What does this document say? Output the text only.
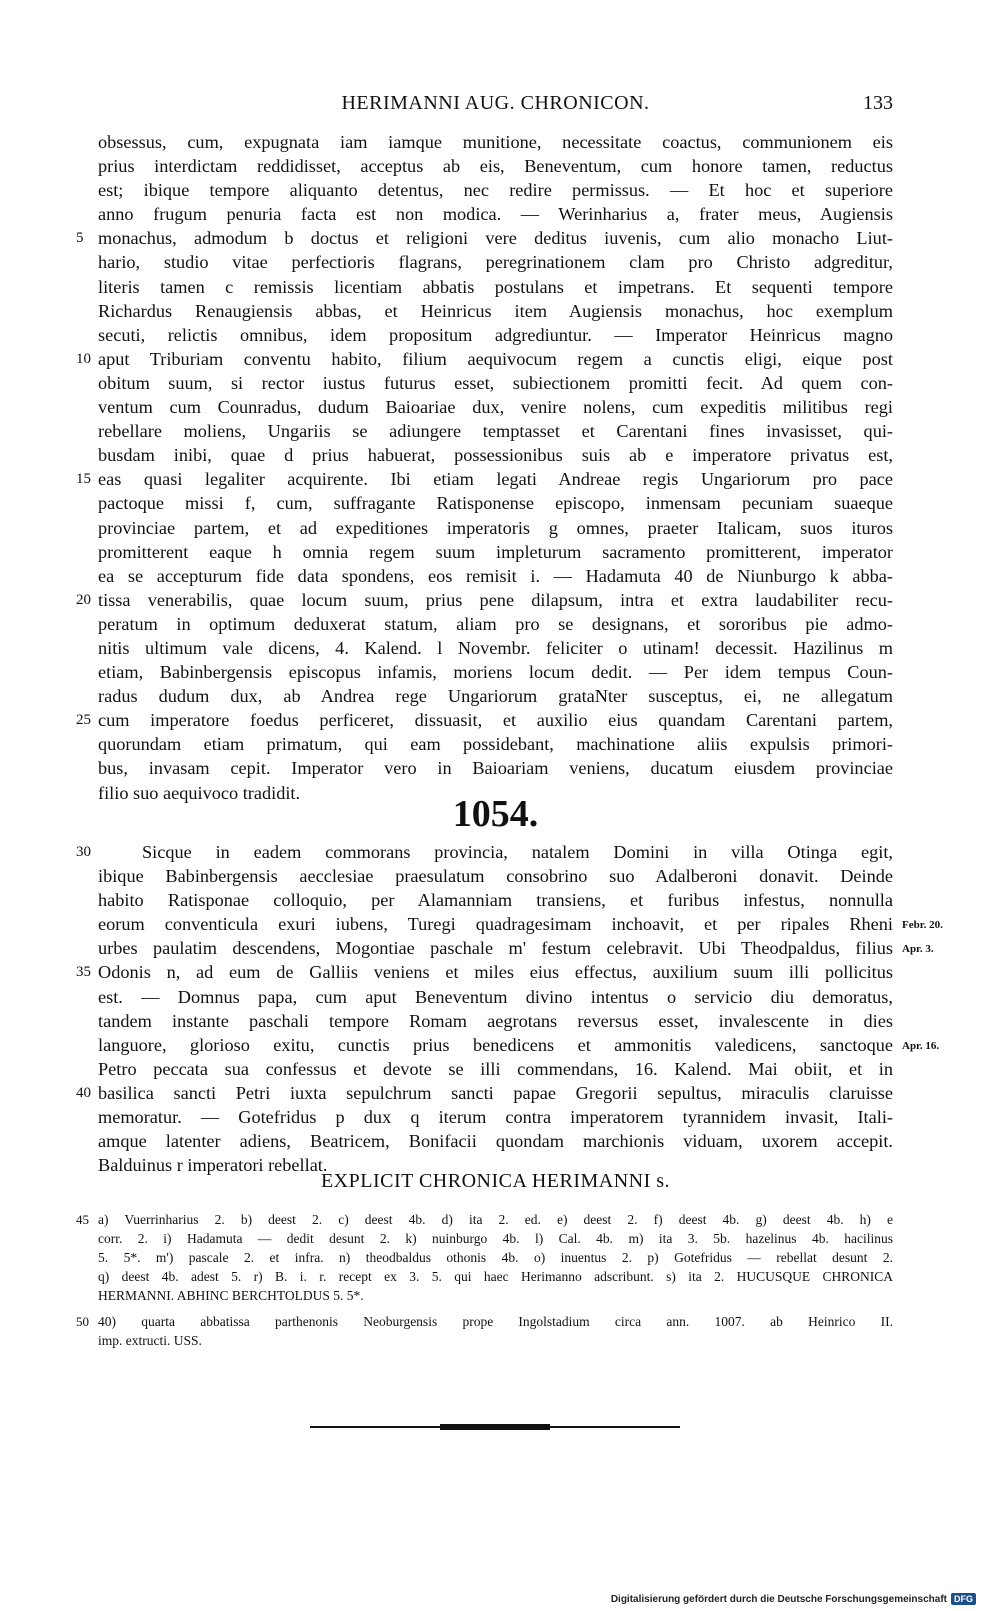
HERIMANNI AUG. CHRONICON.	133
obsessus, cum, expugnata iam iamque munitione, necessitate coactus, communionem eis
prius interdictam reddidisset, acceptus ab eis, Beneventum, cum honore tamen, reductus
est; ibique tempore aliquanto detentus, nec redire permissus. — Et hoc et superiore
anno frugum penuria facta est non modica. — Werinharius a, frater meus, Augiensis
5 monachus, admodum b doctus et religioni vere deditus iuvenis, cum alio monacho Liut-
hario, studio vitae perfectioris flagrans, peregrinationem clam pro Christo adgreditur,
literis tamen c remissis licentiam abbatis postulans et impetrans. Et sequenti tempore
Richardus Renaugiensis abbas, et Heinricus item Augiensis monachus, hoc exemplum
secuti, relictis omnibus, idem propositum adgrediuntur. — Imperator Heinricus magno
10 aput Triburiam conventu habito, filium aequivocum regem a cunctis eligi, eique post
obitum suum, si rector iustus futurus esset, subiectionem promitti fecit. Ad quem con-
ventum cum Counradus, dudum Baioariae dux, venire nolens, cum expeditis militibus regi
rebellare moliens, Ungariis se adiungere temptasset et Carentani fines invasisset, qui-
busdam inibi, quae d prius habuerat, possessionibus suis ab e imperatore privatus est,
15 eas quasi legaliter acquirente. Ibi etiam legati Andreae regis Ungariorum pro pace
pactoque missi f, cum, suffragante Ratisponense episcopo, inmensam pecuniam suaeque
provinciae partem, et ad expeditiones imperatoris g omnes, praeter Italicam, suos ituros
promitterent eaque h omnia regem suum impleturum sacramento promitterent, imperator
ea se accepturum fide data spondens, eos remisit i. — Hadamuta 40 de Niunburgo k abba-
20 tissa venerabilis, quae locum suum, prius pene dilapsum, intra et extra laudabiliter recu-
peratum in optimum deduxerat statum, aliam pro se designans, et sororibus pie admo-
nitis ultimum vale dicens, 4. Kalend. l Novembr. feliciter o utinam! decessit. Hazilinus m
etiam, Babinbergensis episcopus infamis, moriens locum dedit. — Per idem tempus Coun-
radus dudum dux, ab Andrea rege Ungariorum grataNter susceptus, ei, ne allegatum
25 cum imperatore foedus perficeret, dissuasit, et auxilio eius quandam Carentani partem,
quorundam etiam primatum, qui eam possidebant, machinatione aliis expulsis primori-
bus, invasam cepit. Imperator vero in Baioariam veniens, ducatum eiusdem provinciae
filio suo aequivoco tradidit.
1054.
30	Sicque in eadem commorans provincia, natalem Domini in villa Otinga egit,
ibique Babinbergensis aecclesiae praesulatum consobrino suo Adalberoni donavit. Deinde
habito Ratisponae colloquio, per Alamanniam transiens, et furibus infestus, nonnulla
eorum conventicula exuri iubens, Turegi quadragesimam inchoavit, et per ripales Rheni Febr. 20.
urbes paulatim descendens, Mogontiae paschale m' festum celebravit. Ubi Theodpaldus, filius Apr. 3.
35 Odonis n, ad eum de Galliis veniens et miles eius effectus, auxilium suum illi pollicitus
est. — Domnus papa, cum aput Beneventum divino intentus o servicio diu demoratus,
tandem instante paschali tempore Romam aegrotans reversus esset, invalescente in dies
languore, glorioso exitu, cunctis prius benedicens et ammonitis valedicens, sanctoque Apr. 16.
Petro peccata sua confessus et devote se illi commendans, 16. Kalend. Mai obiit, et in
40 basilica sancti Petri iuxta sepulchrum sancti papae Gregorii sepultus, miraculis claruisse
memoratur. — Gotefridus p dux q iterum contra imperatorem tyrannidem invasit, Itali-
amque latenter adiens, Beatricem, Bonifacii quondam marchionis viduam, uxorem accepit.
Balduinus r imperatori rebellat.
EXPLICIT CHRONICA HERIMANNI s.
45 a) Vuerrinharius 2. b) deest 2. c) deest 4b. d) ita 2. ed. e) deest 2. f) deest 4b. g) deest 4b. h) e
corr. 2. i) Hadamuta — dedit desunt 2. k) nuinburgo 4b. l) Cal. 4b. m) ita 3. 5b. hazelinus 4b. hacilinus
5. 5*. m') pascale 2. et infra. n) theodbaldus othonis 4b. o) inuentus 2. p) Gotefridus — rebellat desunt 2.
q) deest 4b. adest 5. r) B. i. r. recept ex 3. 5. qui haec Herimanno adscribunt. s) ita 2. HUCUSQUE CHRONICA
HERMANNI. ABHINC BERCHTOLDUS 5. 5*.
50 40) quarta abbatissa parthenonis Neoburgensis prope Ingolstadium circa ann. 1007. ab Heinrico II.
imp. extructi. USS.
Digitalisierung gefördert durch die Deutsche Forschungsgemeinschaft DFG
